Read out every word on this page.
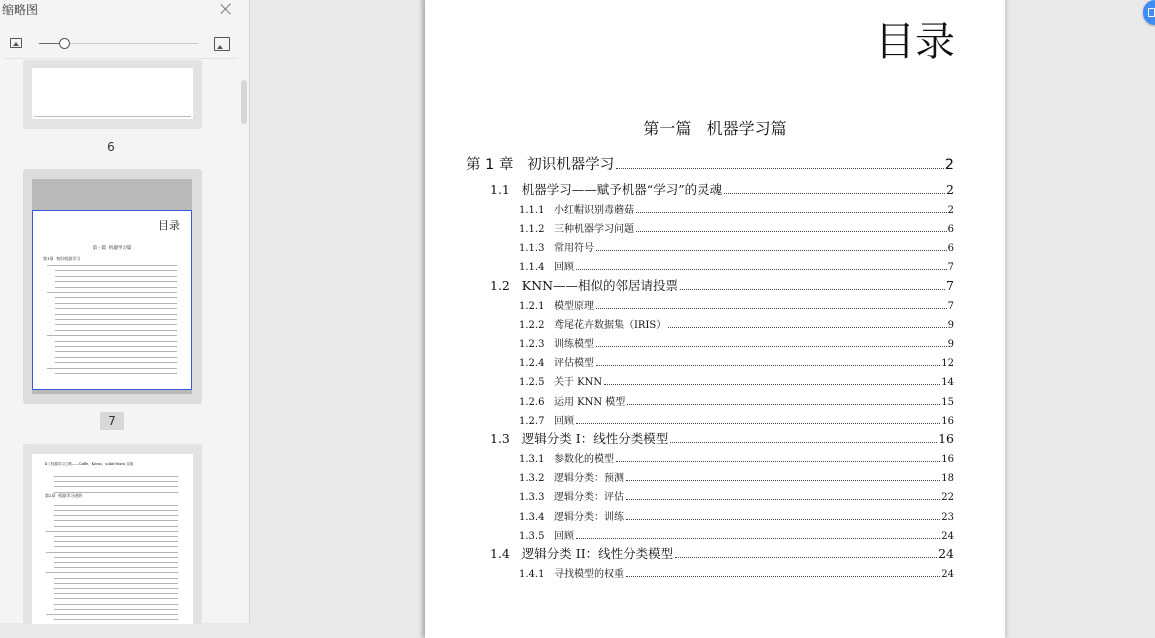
缩略图
6
目录
第一篇  机器学习篇
第1章  初识机器学习
7
Ⅱ | 机器学习之路——Caffe、Keras、scikit-learn 实战
第2章  机器学习进阶
目录
第一篇   机器学习篇
第 1 章   初识机器学习	2
1.1   机器学习——赋予机器“学习”的灵魂	2
1.1.1   小红帽识别毒蘑菇	2
1.1.2   三种机器学习问题	6
1.1.3   常用符号	6
1.1.4   回顾	7
1.2   KNN——相似的邻居请投票	7
1.2.1   模型原理	7
1.2.2   鸢尾花卉数据集（IRIS）	9
1.2.3   训练模型	9
1.2.4   评估模型	12
1.2.5   关于 KNN	14
1.2.6   运用 KNN 模型	15
1.2.7   回顾	16
1.3   逻辑分类 I：线性分类模型	16
1.3.1   参数化的模型	16
1.3.2   逻辑分类：预测	18
1.3.3   逻辑分类：评估	22
1.3.4   逻辑分类：训练	23
1.3.5   回顾	24
1.4   逻辑分类 II：线性分类模型	24
1.4.1   寻找模型的权重	24
